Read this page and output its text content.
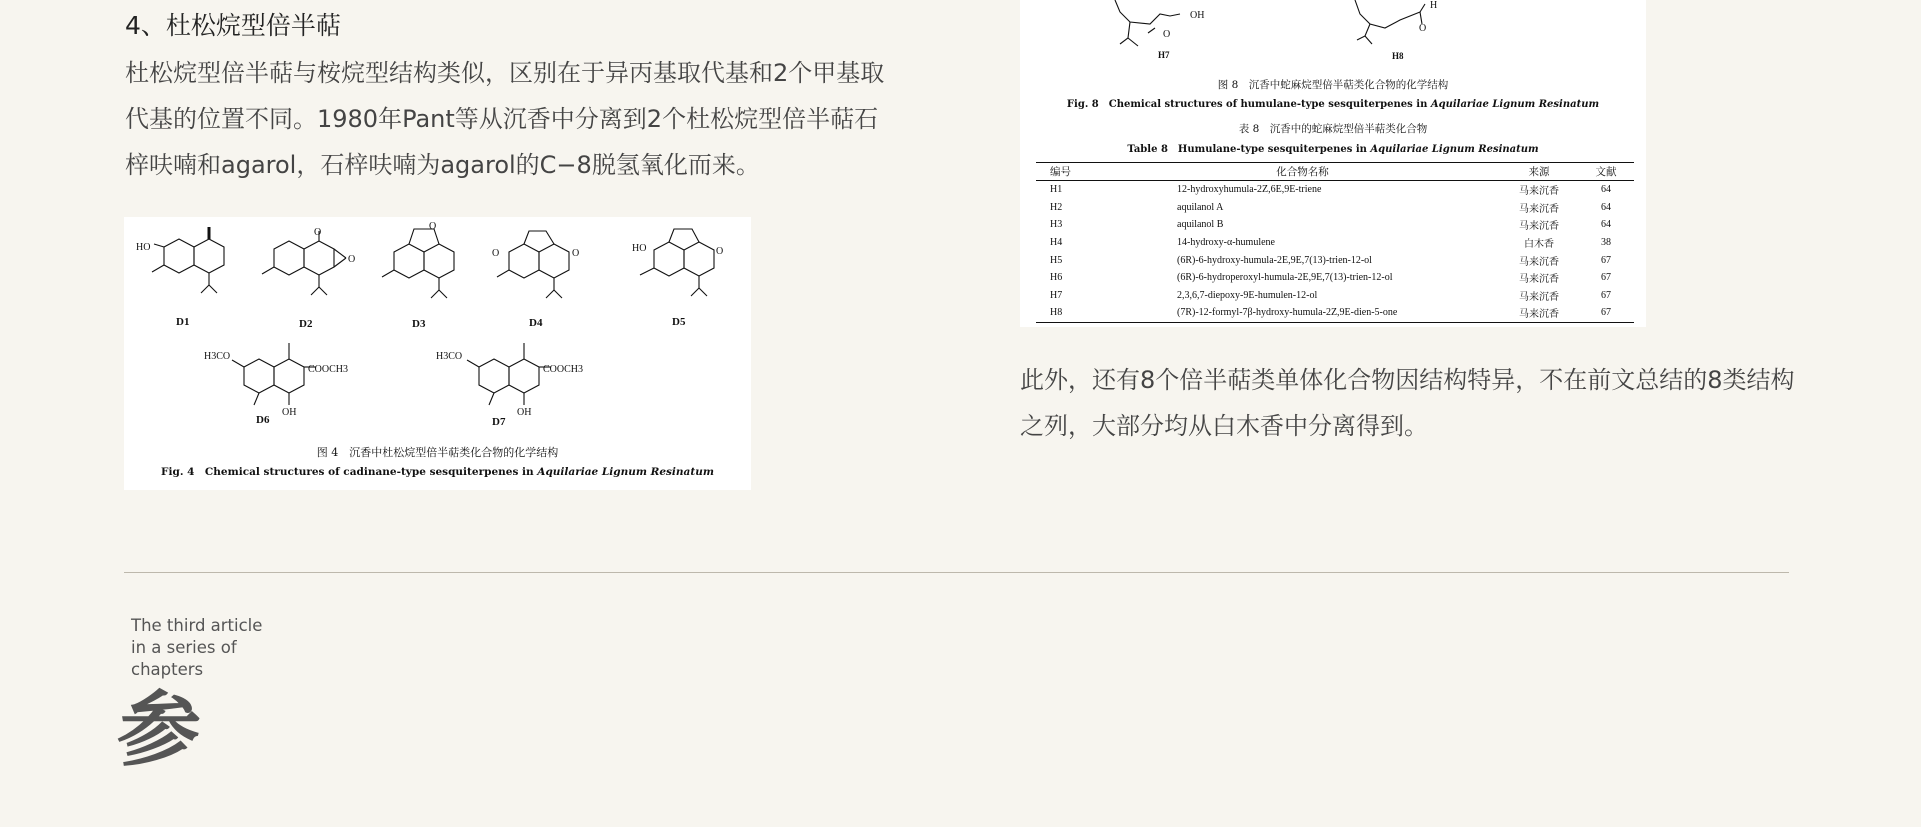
4、杜松烷型倍半萜

杜松烷型倍半萜与桉烷型结构类似，区别在于异丙基取代基和2个甲基取代基的位置不同。1980年Pant等从沉香中分离到2个杜松烷型倍半萜石梓呋喃和agarol，石梓呋喃为agarol的C−8脱氢氧化而来。

HO
O
O
O
O	O	HO	O
H3CO
COOCH3
OH
H3CO
COOCH3
OH
D1	D2	D3	D4	D5
D6	D7
图 4　沉香中杜松烷型倍半萜类化合物的化学结构
Fig. 4　Chemical structures of cadinane-type sesquiterpenes in Aquilariae Lignum Resinatum
OH
O
H
O
H7	H8
图 8　沉香中蛇麻烷型倍半萜类化合物的化学结构
Fig. 8　Chemical structures of humulane-type sesquiterpenes in Aquilariae Lignum Resinatum
表 8　沉香中的蛇麻烷型倍半萜类化合物
Table 8　Humulane-type sesquiterpenes in Aquilariae Lignum Resinatum
编号	化合物名称	来源	文献
H1	12-hydroxyhumula-2Z,6E,9E-triene	马来沉香	64
H2	aquilanol A	马来沉香	64
H3	aquilanol B	马来沉香	64
H4	14-hydroxy-α-humulene	白木香	38
H5	(6R)-6-hydroxy-humula-2E,9E,7(13)-trien-12-ol	马来沉香	67
H6	(6R)-6-hydroperoxyl-humula-2E,9E,7(13)-trien-12-ol	马来沉香	67
H7	2,3,6,7-diepoxy-9E-humulen-12-ol	马来沉香	67
H8	(7R)-12-formyl-7β-hydroxy-humula-2Z,9E-dien-5-one	马来沉香	67

此外，还有8个倍半萜类单体化合物因结构特异，不在前文总结的8类结构之列，大部分均从白木香中分离得到。

The third article
in a series of
chapters
参
